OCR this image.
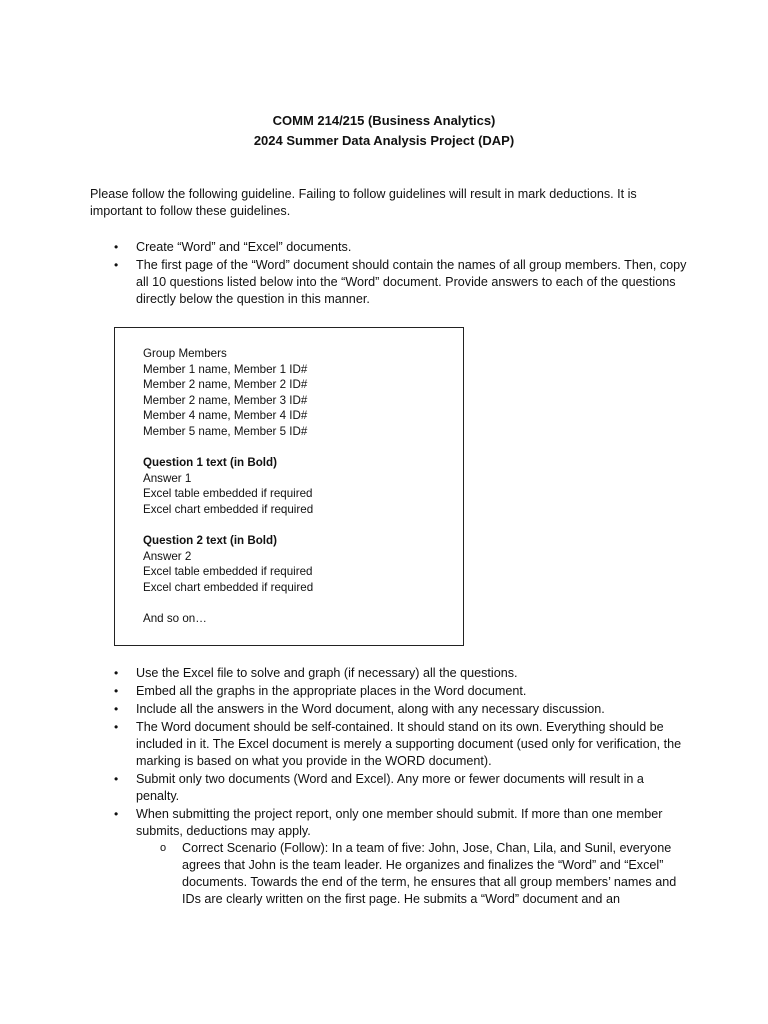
COMM 214/215 (Business Analytics)
2024 Summer Data Analysis Project (DAP)
Please follow the following guideline. Failing to follow guidelines will result in mark deductions. It is important to follow these guidelines.
• Create “Word” and “Excel” documents.
• The first page of the “Word” document should contain the names of all group members. Then, copy all 10 questions listed below into the “Word” document. Provide answers to each of the questions directly below the question in this manner.
Group Members
Member 1 name, Member 1 ID#
Member 2 name, Member 2 ID#
Member 2 name, Member 3 ID#
Member 4 name, Member 4 ID#
Member 5 name, Member 5 ID#
Question 1 text (in Bold)
Answer 1
Excel table embedded if required
Excel chart embedded if required
Question 2 text (in Bold)
Answer 2
Excel table embedded if required
Excel chart embedded if required
And so on…
• Use the Excel file to solve and graph (if necessary) all the questions.
• Embed all the graphs in the appropriate places in the Word document.
• Include all the answers in the Word document, along with any necessary discussion.
• The Word document should be self-contained. It should stand on its own. Everything should be included in it. The Excel document is merely a supporting document (used only for verification, the marking is based on what you provide in the WORD document).
• Submit only two documents (Word and Excel). Any more or fewer documents will result in a penalty.
• When submitting the project report, only one member should submit. If more than one member submits, deductions may apply.
o Correct Scenario (Follow): In a team of five: John, Jose, Chan, Lila, and Sunil, everyone agrees that John is the team leader. He organizes and finalizes the “Word” and “Excel” documents. Towards the end of the term, he ensures that all group members’ names and IDs are clearly written on the first page. He submits a “Word” document and an
